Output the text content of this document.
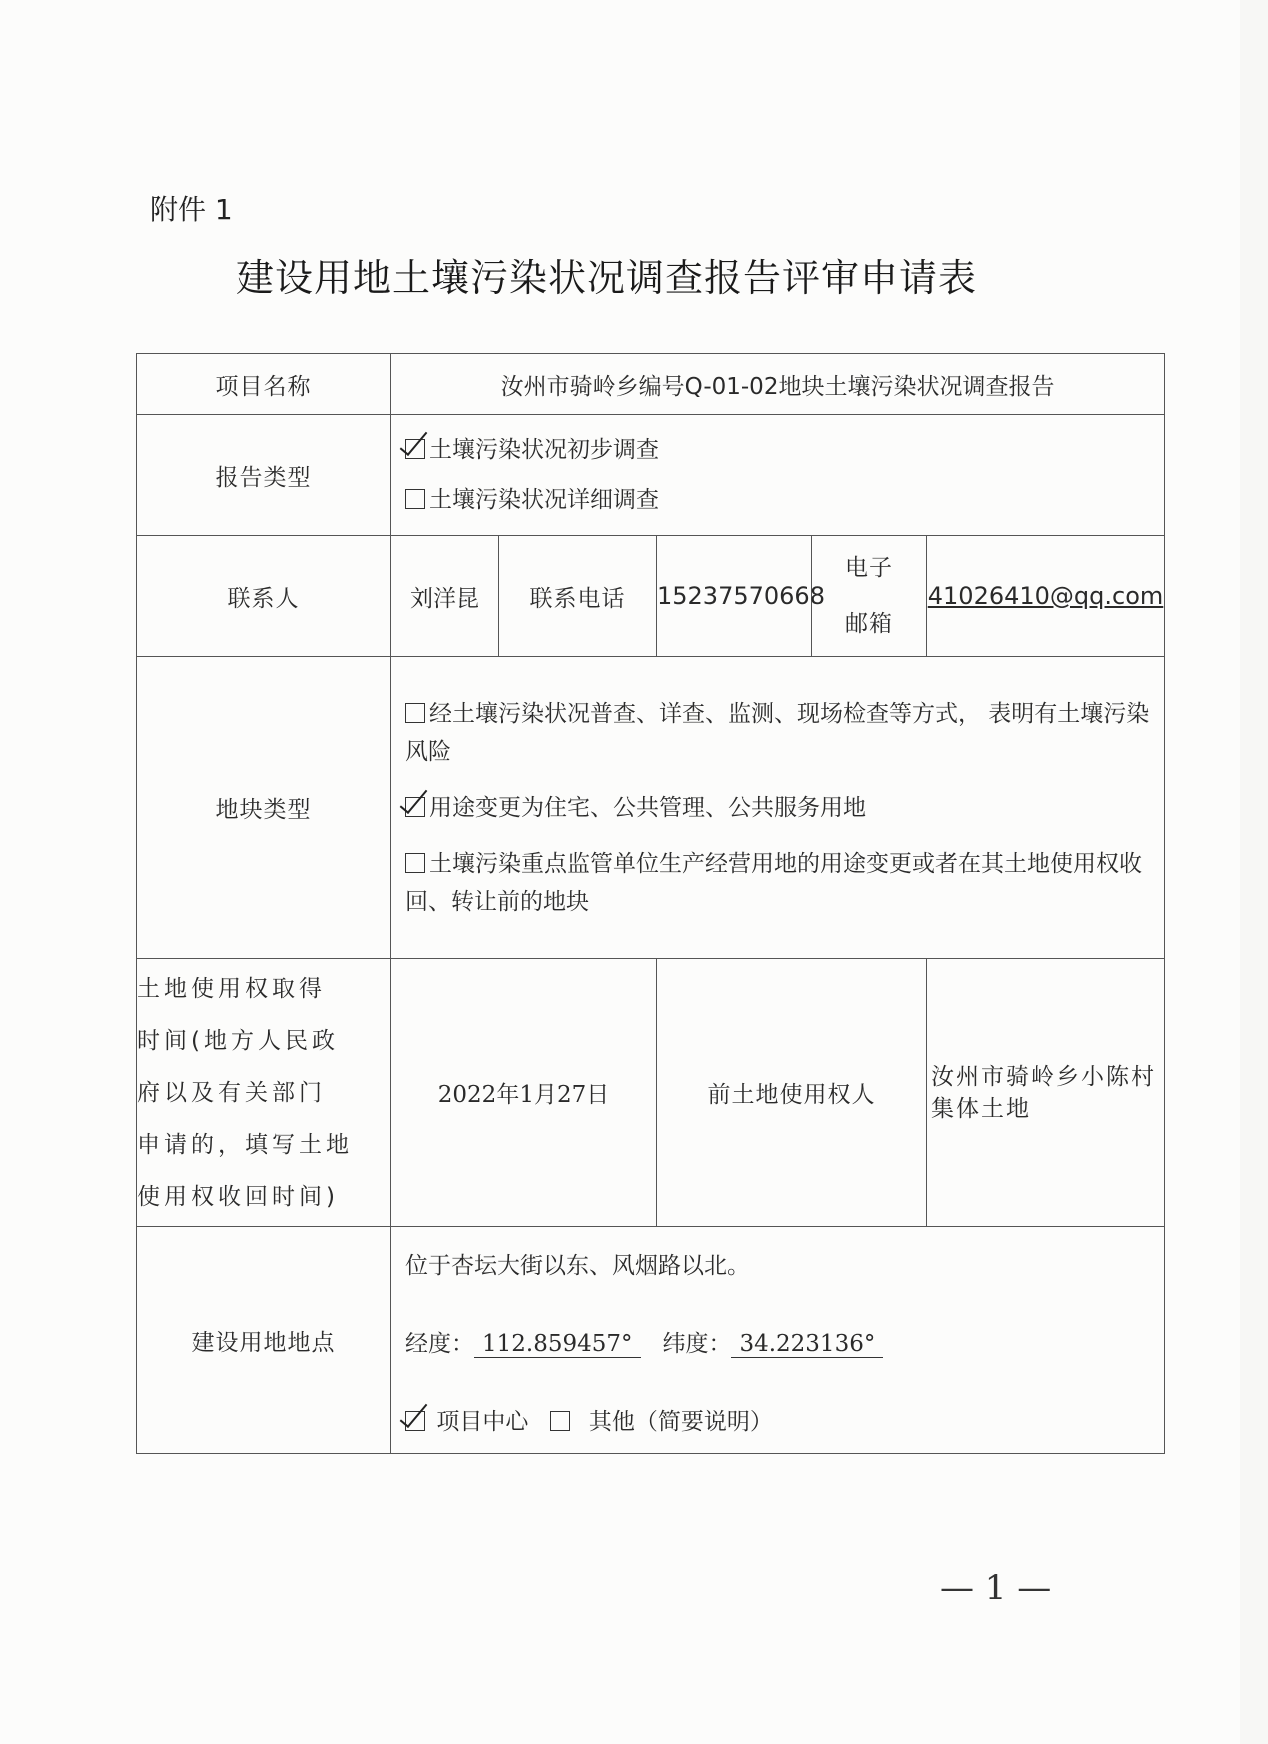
附件 1
建设用地土壤污染状况调查报告评审申请表
项目名称	汝州市骑岭乡编号Q-01-02地块土壤污染状况调查报告				
报告类型	土壤污染状况初步调查
土壤污染状况详细调查				

联系人	刘洋昆	联系电话	15237570668	电子
邮箱	41026410@qq.com
地块类型	经土壤污染状况普查、详查、监测、现场检查等方式， 表明有土壤污染风险
用途变更为住宅、公共管理、公共服务用地
土壤污染重点监管单位生产经营用地的用途变更或者在其土地使用权收回、转让前的地块				

土地使用权取得
时间(地方人民政
府以及有关部门
申请的，填写土地
使用权收回时间)	2022年1月27日		前土地使用权人		汝州市骑岭乡小陈村集体土地
建设用地地点	位于杏坛大街以东、风烟路以北。
经度： 112.859457° 纬度： 34.223136°
项目中心 其他（简要说明）				
— 1 —
